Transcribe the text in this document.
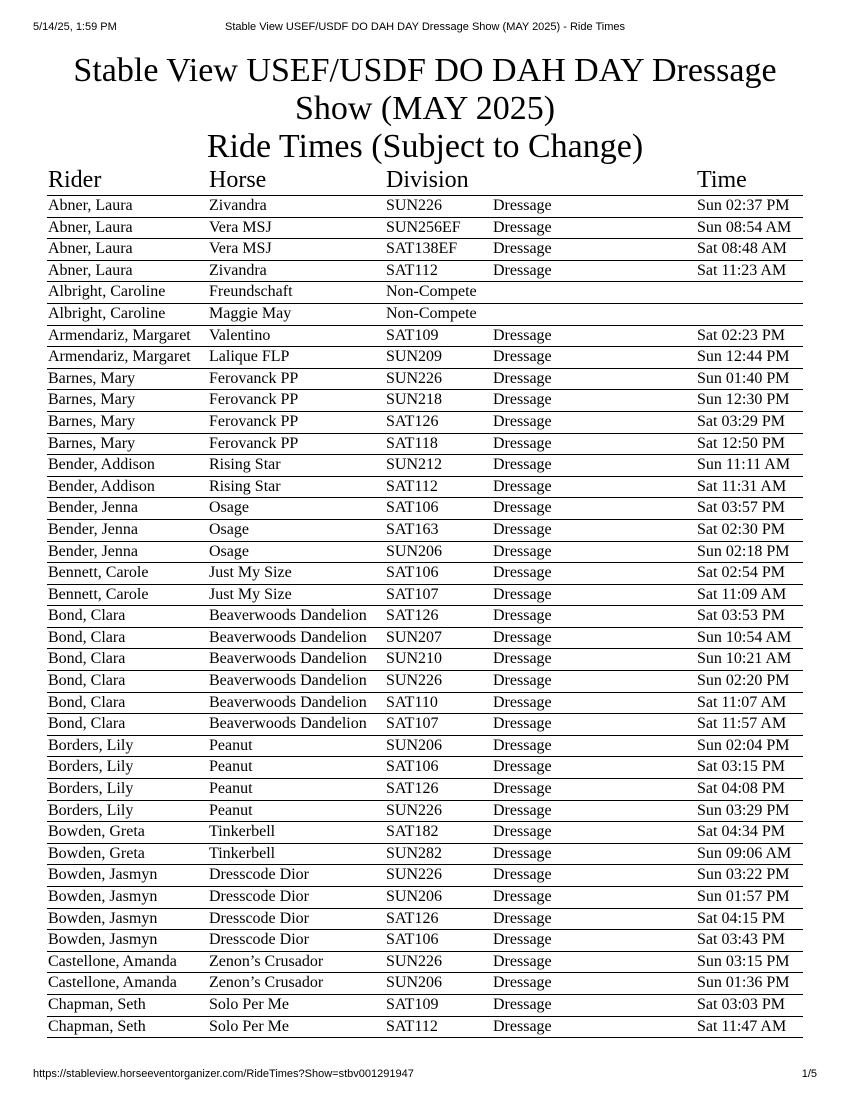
Stable View USEF/USDF DO DAH DAY Dressage Show (MAY 2025) - Ride Times
5/14/25, 1:59 PM
Stable View USEF/USDF DO DAH DAY Dressage
Show (MAY 2025)
Ride Times (Subject to Change)
Rider	Horse	Division		Time
Abner, Laura	Zivandra	SUN226	Dressage	Sun 02:37 PM
Abner, Laura	Vera MSJ	SUN256EF	Dressage	Sun 08:54 AM
Abner, Laura	Vera MSJ	SAT138EF	Dressage	Sat 08:48 AM
Abner, Laura	Zivandra	SAT112	Dressage	Sat 11:23 AM
Albright, Caroline	Freundschaft	Non-Compete		
Albright, Caroline	Maggie May	Non-Compete		
Armendariz, Margaret	Valentino	SAT109	Dressage	Sat 02:23 PM
Armendariz, Margaret	Lalique FLP	SUN209	Dressage	Sun 12:44 PM
Barnes, Mary	Ferovanck PP	SUN226	Dressage	Sun 01:40 PM
Barnes, Mary	Ferovanck PP	SUN218	Dressage	Sun 12:30 PM
Barnes, Mary	Ferovanck PP	SAT126	Dressage	Sat 03:29 PM
Barnes, Mary	Ferovanck PP	SAT118	Dressage	Sat 12:50 PM
Bender, Addison	Rising Star	SUN212	Dressage	Sun 11:11 AM
Bender, Addison	Rising Star	SAT112	Dressage	Sat 11:31 AM
Bender, Jenna	Osage	SAT106	Dressage	Sat 03:57 PM
Bender, Jenna	Osage	SAT163	Dressage	Sat 02:30 PM
Bender, Jenna	Osage	SUN206	Dressage	Sun 02:18 PM
Bennett, Carole	Just My Size	SAT106	Dressage	Sat 02:54 PM
Bennett, Carole	Just My Size	SAT107	Dressage	Sat 11:09 AM
Bond, Clara	Beaverwoods Dandelion	SAT126	Dressage	Sat 03:53 PM
Bond, Clara	Beaverwoods Dandelion	SUN207	Dressage	Sun 10:54 AM
Bond, Clara	Beaverwoods Dandelion	SUN210	Dressage	Sun 10:21 AM
Bond, Clara	Beaverwoods Dandelion	SUN226	Dressage	Sun 02:20 PM
Bond, Clara	Beaverwoods Dandelion	SAT110	Dressage	Sat 11:07 AM
Bond, Clara	Beaverwoods Dandelion	SAT107	Dressage	Sat 11:57 AM
Borders, Lily	Peanut	SUN206	Dressage	Sun 02:04 PM
Borders, Lily	Peanut	SAT106	Dressage	Sat 03:15 PM
Borders, Lily	Peanut	SAT126	Dressage	Sat 04:08 PM
Borders, Lily	Peanut	SUN226	Dressage	Sun 03:29 PM
Bowden, Greta	Tinkerbell	SAT182	Dressage	Sat 04:34 PM
Bowden, Greta	Tinkerbell	SUN282	Dressage	Sun 09:06 AM
Bowden, Jasmyn	Dresscode Dior	SUN226	Dressage	Sun 03:22 PM
Bowden, Jasmyn	Dresscode Dior	SUN206	Dressage	Sun 01:57 PM
Bowden, Jasmyn	Dresscode Dior	SAT126	Dressage	Sat 04:15 PM
Bowden, Jasmyn	Dresscode Dior	SAT106	Dressage	Sat 03:43 PM
Castellone, Amanda	Zenon’s Crusador	SUN226	Dressage	Sun 03:15 PM
Castellone, Amanda	Zenon’s Crusador	SUN206	Dressage	Sun 01:36 PM
Chapman, Seth	Solo Per Me	SAT109	Dressage	Sat 03:03 PM
Chapman, Seth	Solo Per Me	SAT112	Dressage	Sat 11:47 AM
https://stableview.horseeventorganizer.com/RideTimes?Show=stbv001291947	1/5
